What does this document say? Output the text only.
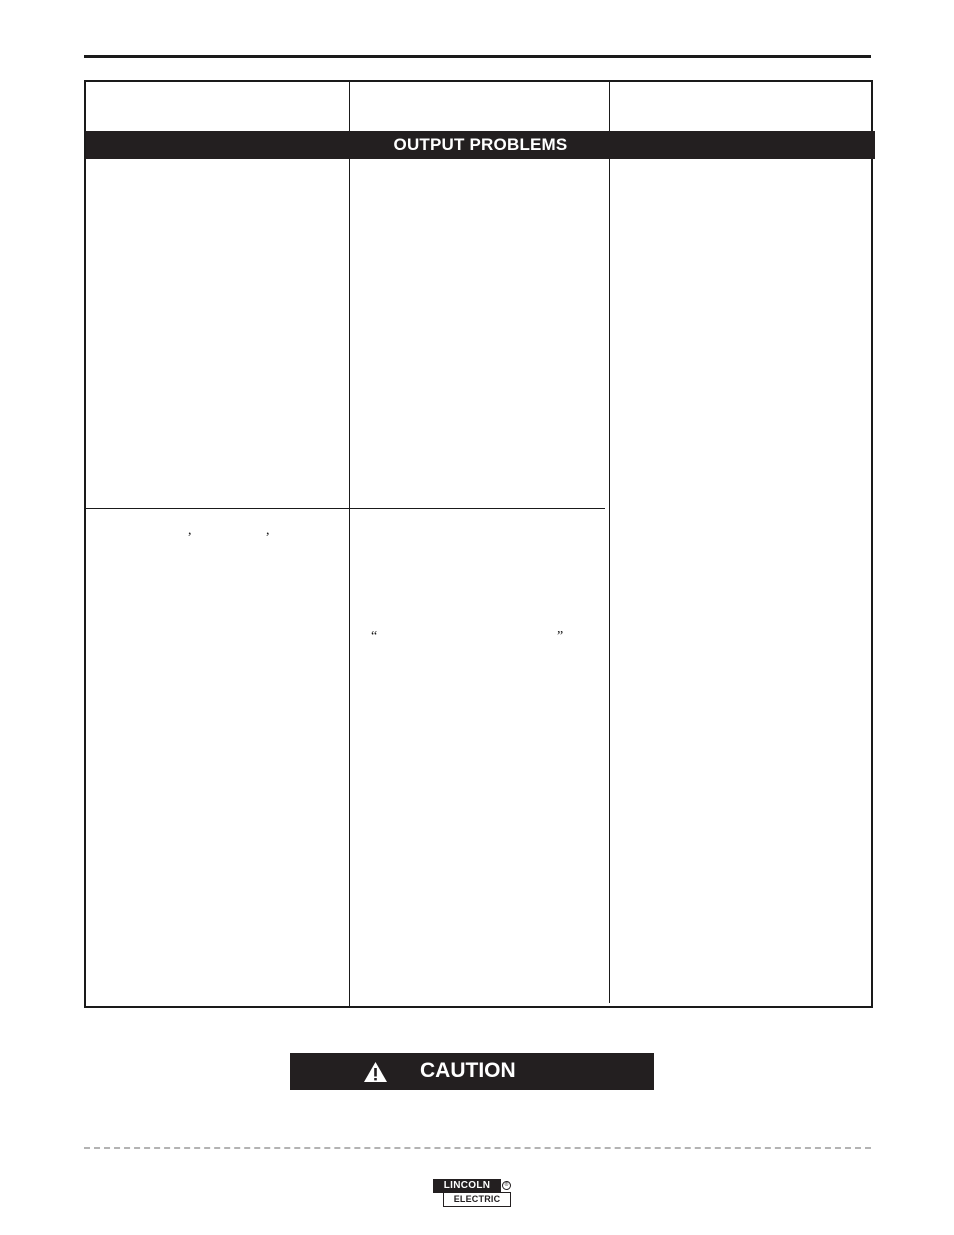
OUTPUT PROBLEMS
,	,
“	”
CAUTION
LINCOLN
ELECTRIC
®
